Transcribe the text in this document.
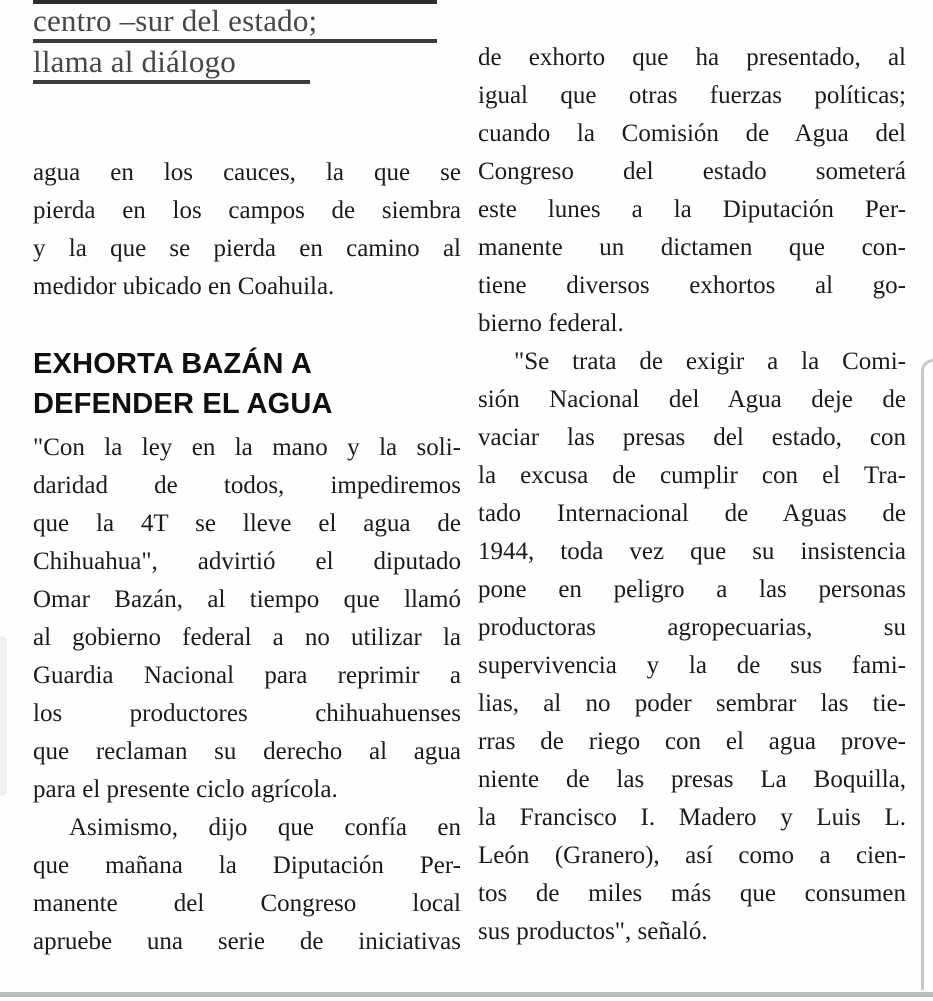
centro –sur del estado;
llama al diálogo
agua en los cauces, la que se
pierda en los campos de siembra
y la que se pierda en camino al
medidor ubicado en Coahuila.
EXHORTA BAZÁN A
DEFENDER EL AGUA
"Con la ley en la mano y la soli-
daridad de todos, impediremos
que la 4T se lleve el agua de
Chihuahua", advirtió el diputado
Omar Bazán, al tiempo que llamó
al gobierno federal a no utilizar la
Guardia Nacional para reprimir a
los productores chihuahuenses
que reclaman su derecho al agua
para el presente ciclo agrícola.
Asimismo, dijo que confía en
que mañana la Diputación Per-
manente del Congreso local
apruebe una serie de iniciativas
de exhorto que ha presentado, al
igual que otras fuerzas políticas;
cuando la Comisión de Agua del
Congreso del estado someterá
este lunes a la Diputación Per-
manente un dictamen que con-
tiene diversos exhortos al go-
bierno federal.
"Se trata de exigir a la Comi-
sión Nacional del Agua deje de
vaciar las presas del estado, con
la excusa de cumplir con el Tra-
tado Internacional de Aguas de
1944, toda vez que su insistencia
pone en peligro a las personas
productoras agropecuarias, su
supervivencia y la de sus fami-
lias, al no poder sembrar las tie-
rras de riego con el agua prove-
niente de las presas La Boquilla,
la Francisco I. Madero y Luis L.
León (Granero), así como a cien-
tos de miles más que consumen
sus productos", señaló.
